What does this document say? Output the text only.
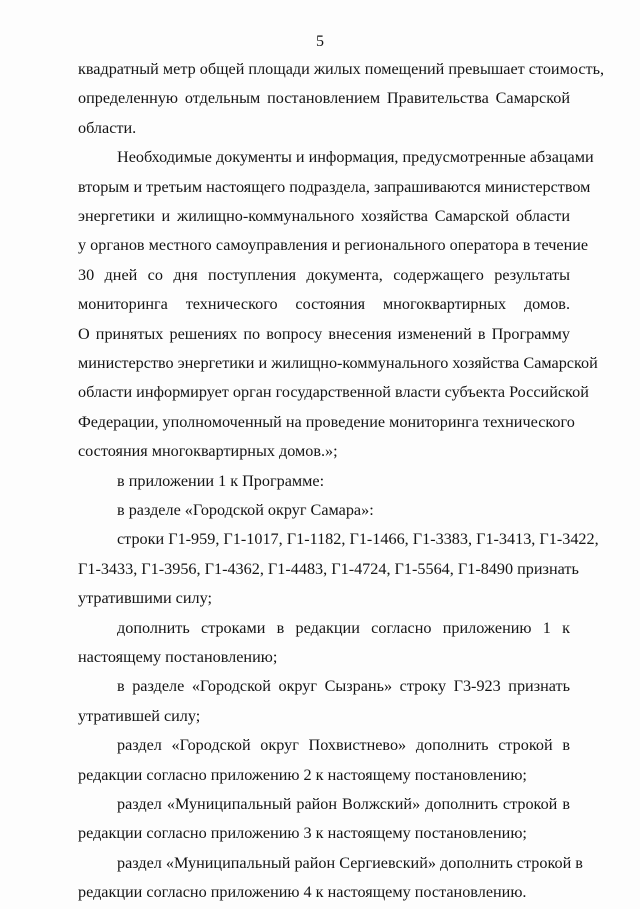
5
квадратный метр общей площади жилых помещений превышает стоимость,
определенную отдельным постановлением Правительства Самарской
области.
Необходимые документы и информация, предусмотренные абзацами
вторым и третьим настоящего подраздела, запрашиваются министерством
энергетики и жилищно-коммунального хозяйства Самарской области
у органов местного самоуправления и регионального оператора в течение
30 дней со дня поступления документа, содержащего результаты
мониторинга технического состояния многоквартирных домов.
О принятых решениях по вопросу внесения изменений в Программу
министерство энергетики и жилищно-коммунального хозяйства Самарской
области информирует орган государственной власти субъекта Российской
Федерации, уполномоченный на проведение мониторинга технического
состояния многоквартирных домов.»;
в приложении 1 к Программе:
в разделе «Городской округ Самара»:
строки Г1-959, Г1-1017, Г1-1182, Г1-1466, Г1-3383, Г1-3413, Г1-3422,
Г1-3433, Г1-3956, Г1-4362, Г1-4483, Г1-4724, Г1-5564, Г1-8490 признать
утратившими силу;
дополнить строками в редакции согласно приложению 1 к
настоящему постановлению;
в разделе «Городской округ Сызрань» строку Г3-923 признать
утратившей силу;
раздел «Городской округ Похвистнево» дополнить строкой в
редакции согласно приложению 2 к настоящему постановлению;
раздел «Муниципальный район Волжский» дополнить строкой в
редакции согласно приложению 3 к настоящему постановлению;
раздел «Муниципальный район Сергиевский» дополнить строкой в
редакции согласно приложению 4 к настоящему постановлению.
